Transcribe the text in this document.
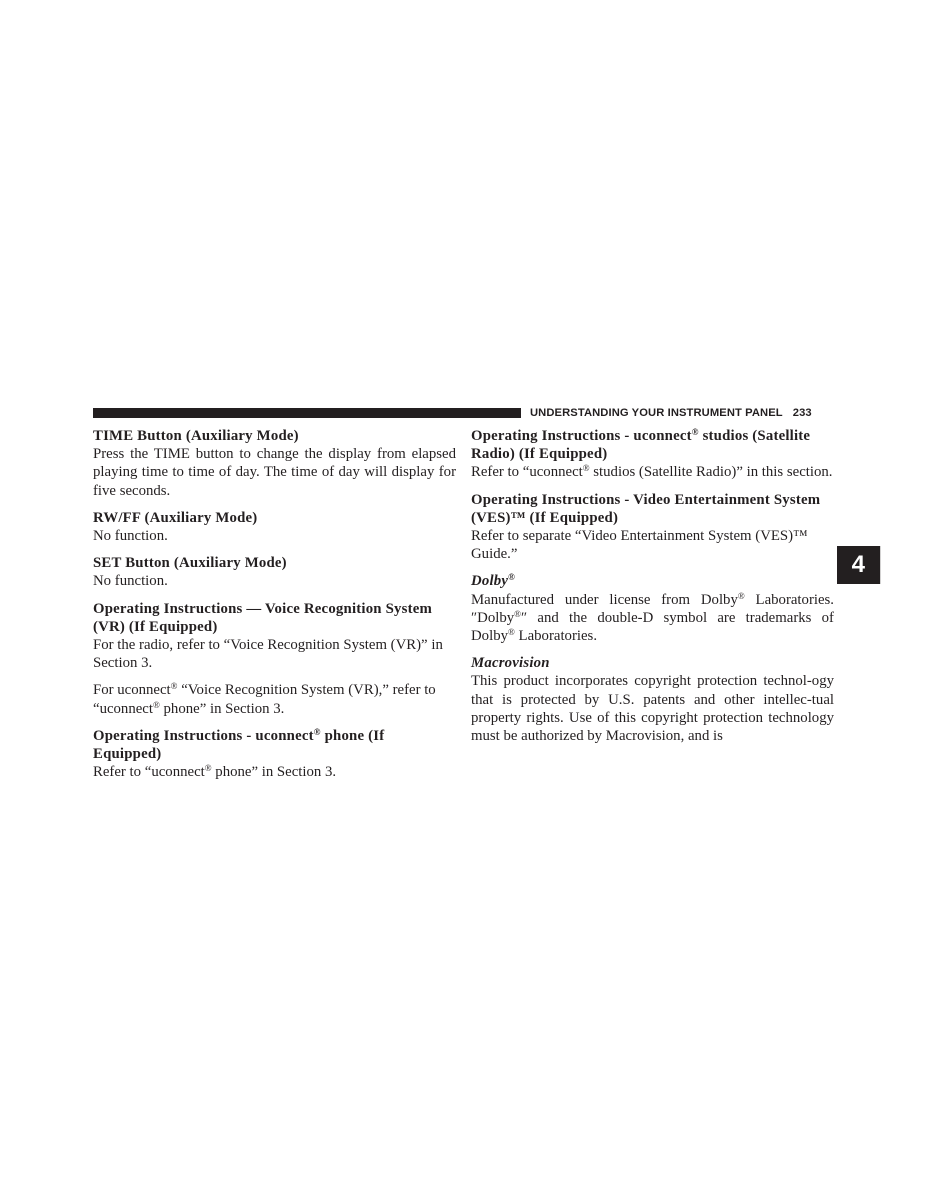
UNDERSTANDING YOUR INSTRUMENT PANEL 233
TIME Button (Auxiliary Mode)

Press the TIME button to change the display from elapsed playing time to time of day. The time of day will display for five seconds.

RW/FF (Auxiliary Mode)

No function.

SET Button (Auxiliary Mode)

No function.

Operating Instructions — Voice Recognition System (VR) (If Equipped)

For the radio, refer to “Voice Recognition System (VR)” in Section 3.

For uconnect® “Voice Recognition System (VR),” refer to “uconnect® phone” in Section 3.

Operating Instructions - uconnect® phone (If Equipped)

Refer to “uconnect® phone” in Section 3.

Operating Instructions - uconnect® studios (Satellite Radio) (If Equipped)

Refer to “uconnect® studios (Satellite Radio)” in this section.

Operating Instructions - Video Entertainment System (VES)™ (If Equipped)

Refer to separate “Video Entertainment System (VES)™ Guide.”

Dolby®

Manufactured under license from Dolby® Laboratories. ″Dolby®″ and the double-D symbol are trademarks of Dolby® Laboratories.

Macrovision

This product incorporates copyright protection technol-ogy that is protected by U.S. patents and other intellec-tual property rights. Use of this copyright protection technology must be authorized by Macrovision, and is

4
